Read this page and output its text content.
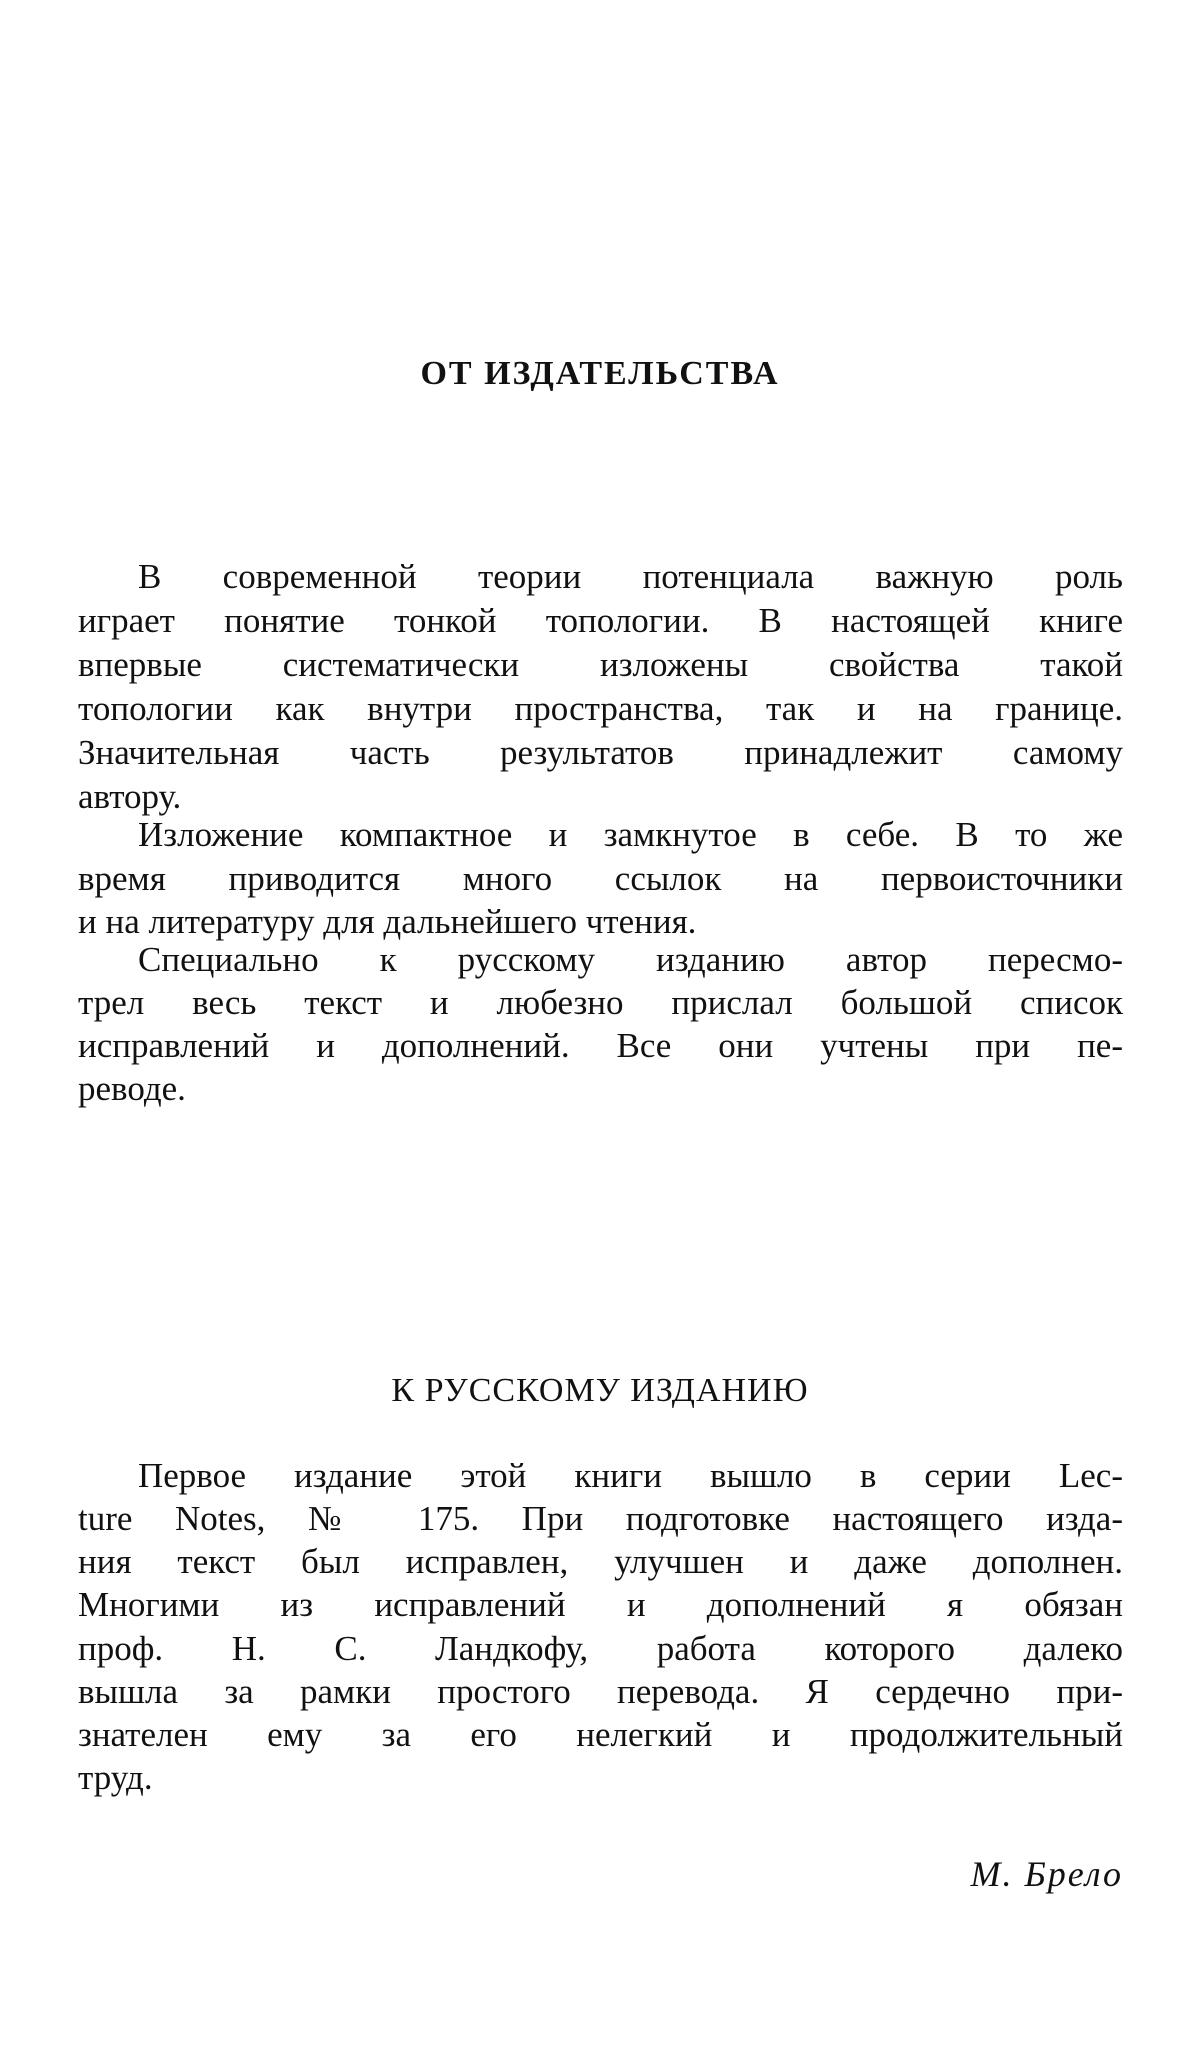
ОТ ИЗДАТЕЛЬСТВА

В современной теории потенциала важную роль

играет понятие тонкой топологии. В настоящей книге

впервые систематически изложены свойства такой

топологии как внутри пространства, так и на границе.

Значительная часть результатов принадлежит самому

автору.

Изложение компактное и замкнутое в себе. В то же

время приводится много ссылок на первоисточники

и на литературу для дальнейшего чтения.

Специально к русскому изданию автор пересмо-

трел весь текст и любезно прислал большой список

исправлений и дополнений. Все они учтены при пе-

реводе.

К РУССКОМУ ИЗДАНИЮ

Первое издание этой книги вышло в серии Lec-

ture Notes, № 175. При подготовке настоящего изда-

ния текст был исправлен, улучшен и даже дополнен.

Многими из исправлений и дополнений я обязан

проф. Н. С. Ландкофу, работа которого далеко

вышла за рамки простого перевода. Я сердечно при-

знателен ему за его нелегкий и продолжительный

труд.

М. Брело
